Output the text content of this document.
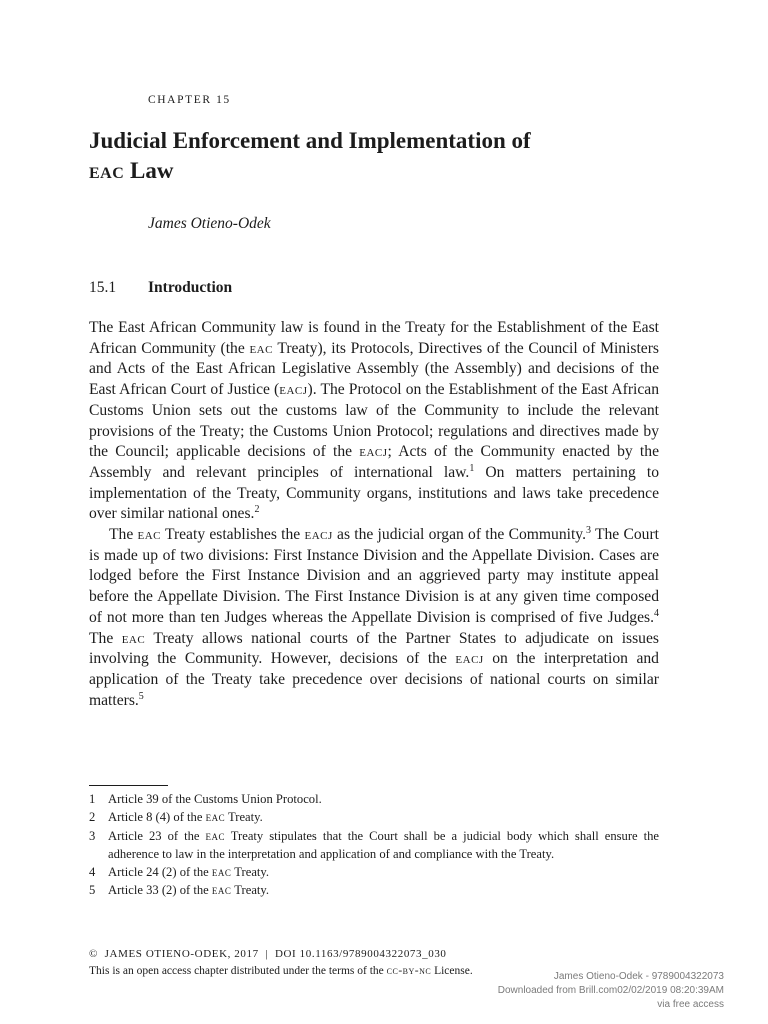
CHAPTER 15
Judicial Enforcement and Implementation of
eac Law
James Otieno-Odek
15.1 Introduction

The East African Community law is found in the Treaty for the Establishment of the East African Community (the eac Treaty), its Protocols, Directives of the Council of Ministers and Acts of the East African Legislative Assembly (the Assembly) and decisions of the East African Court of Justice (eacj). The Protocol on the Establishment of the East African Customs Union sets out the customs law of the Community to include the relevant provisions of the Treaty; the Customs Union Protocol; regulations and directives made by the Council; applicable decisions of the eacj; Acts of the Community enacted by the Assembly and relevant principles of international law.$^1$ On matters pertaining to implementation of the Treaty, Community organs, institutions and laws take precedence over similar national ones.$^2$

The eac Treaty establishes the eacj as the judicial organ of the Community.$^3$ The Court is made up of two divisions: First Instance Division and the Appellate Division. Cases are lodged before the First Instance Division and an aggrieved party may institute appeal before the Appellate Division. The First Instance Division is at any given time composed of not more than ten Judges whereas the Appellate Division is comprised of five Judges.$^4$ The eac Treaty allows national courts of the Partner States to adjudicate on issues involving the Community. However, decisions of the eacj on the interpretation and application of the Treaty take precedence over decisions of national courts on similar matters.$^5$

1 Article 39 of the Customs Union Protocol.
2 Article 8 (4) of the eac Treaty.
3 Article 23 of the eac Treaty stipulates that the Court shall be a judicial body which shall ensure the adherence to law in the interpretation and application of and compliance with the Treaty.
4 Article 24 (2) of the eac Treaty.
5 Article 33 (2) of the eac Treaty.
© JAMES OTIENO-ODEK, 2017 | DOI 10.1163/9789004322073_030
This is an open access chapter distributed under the terms of the cc-by-nc License.	James Otieno-Odek - 9789004322073
Downloaded from Brill.com02/02/2019 08:20:39AM
via free access
